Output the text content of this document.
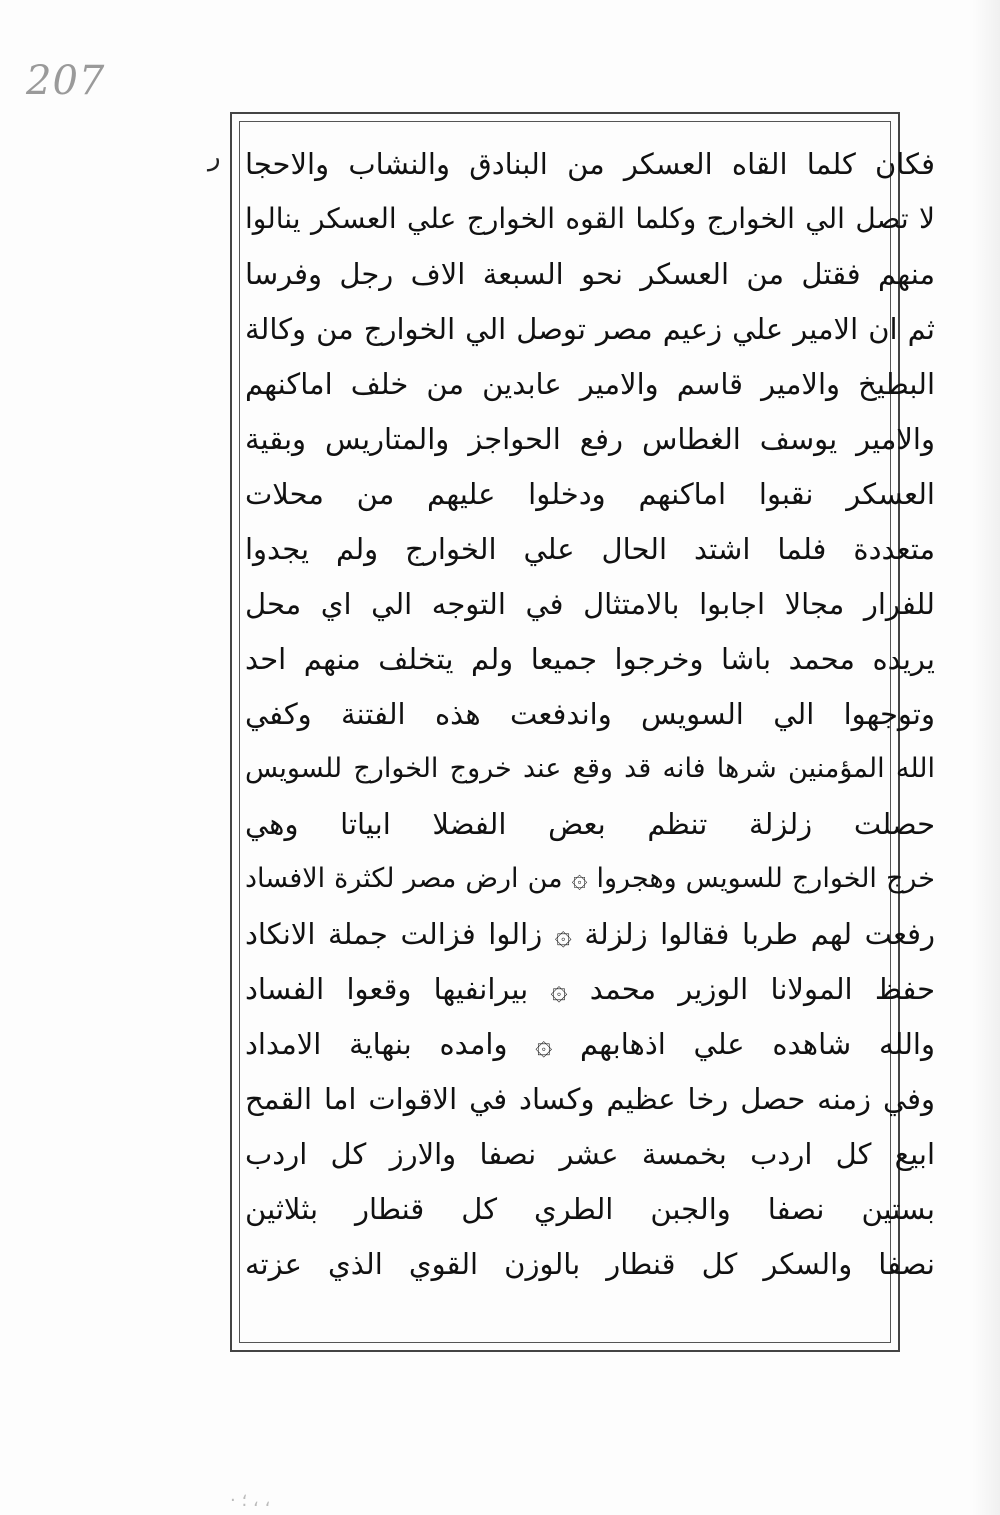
207
ر فكان كلما القاه العسكر من البنادق والنشاب والاحجا
لا تصل الي الخوارج وكلما القوه الخوارج علي العسكر ينالوا
منهم فقتل من العسكر نحو السبعة الاف رجل وفرسا
ثم ان الامير علي زعيم مصر توصل الي الخوارج من وكالة
البطيخ والامير قاسم والامير عابدين من خلف اماكنهم
والامير يوسف الغطاس رفع الحواجز والمتاريس وبقية
العسكر نقبوا اماكنهم ودخلوا عليهم من محلات
متعددة فلما اشتد الحال علي الخوارج ولم يجدوا
للفرار مجالا اجابوا بالامتثال في التوجه الي اي محل
يريده محمد باشا وخرجوا جميعا ولم يتخلف منهم احد
وتوجهوا الي السويس واندفعت هذه الفتنة وكفي
الله المؤمنين شرها فانه قد وقع عند خروج الخوارج للسويس
حصلت زلزلة تنظم بعض الفضلا ابياتا وهي
خرج الخوارج للسويس وهجروا ۞ من ارض مصر لكثرة الافساد
رفعت لهم طربا فقالوا زلزلة ۞ زالوا فزالت جملة الانكاد
حفظ المولانا الوزير محمد ۞ بيرانفيها وقعوا الفساد
والله شاهده علي اذهابهم ۞ وامده بنهاية الامداد
وفي زمنه حصل رخا عظيم وكساد في الاقوات اما القمح
ابيع كل اردب بخمسة عشر نصفا والارز كل اردب
بستين نصفا والجبن الطري كل قنطار بثلاثين
نصفا والسكر كل قنطار بالوزن القوي الذي عزته
· ؛ ، ،
